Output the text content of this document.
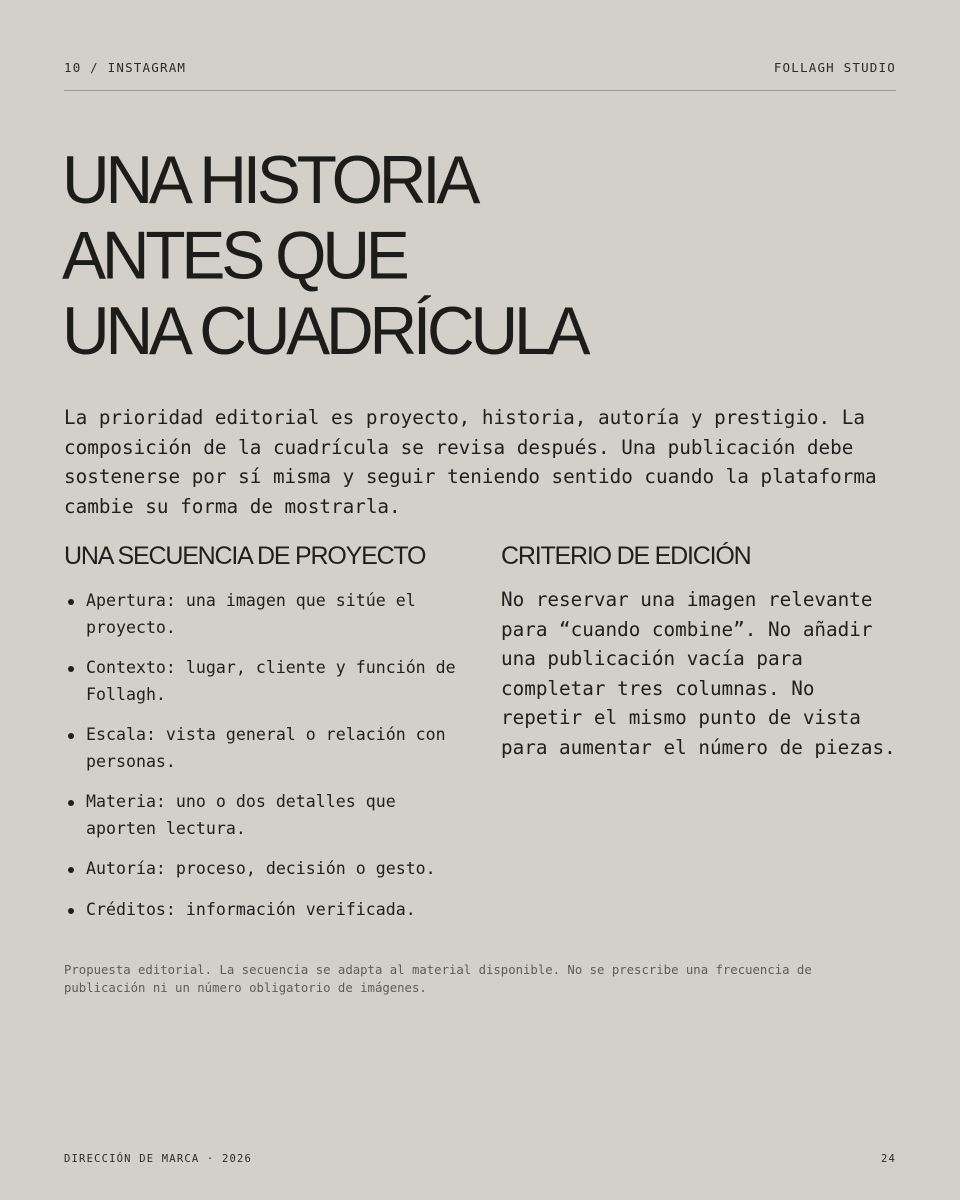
10 / INSTAGRAM	FOLLAGH STUDIO
UNA HISTORIA
ANTES QUE
UNA CUADRÍCULA

La prioridad editorial es proyecto, historia, autoría y prestigio. La composición de la cuadrícula se revisa después. Una publicación debe sostenerse por sí misma y seguir teniendo sentido cuando la plataforma cambie su forma de mostrarla.

UNA SECUENCIA DE PROYECTO
Apertura: una imagen que sitúe el proyecto.
Contexto: lugar, cliente y función de Follagh.
Escala: vista general o relación con personas.
Materia: uno o dos detalles que aporten lectura.
Autoría: proceso, decisión o gesto.
Créditos: información verificada.
CRITERIO DE EDICIÓN

No reservar una imagen relevante para “cuando combine”. No añadir una publicación vacía para completar tres columnas. No repetir el mismo punto de vista para aumentar el número de piezas.

Propuesta editorial. La secuencia se adapta al material disponible. No se prescribe una frecuencia de publicación ni un número obligatorio de imágenes.

DIRECCIÓN DE MARCA · 2026	24
